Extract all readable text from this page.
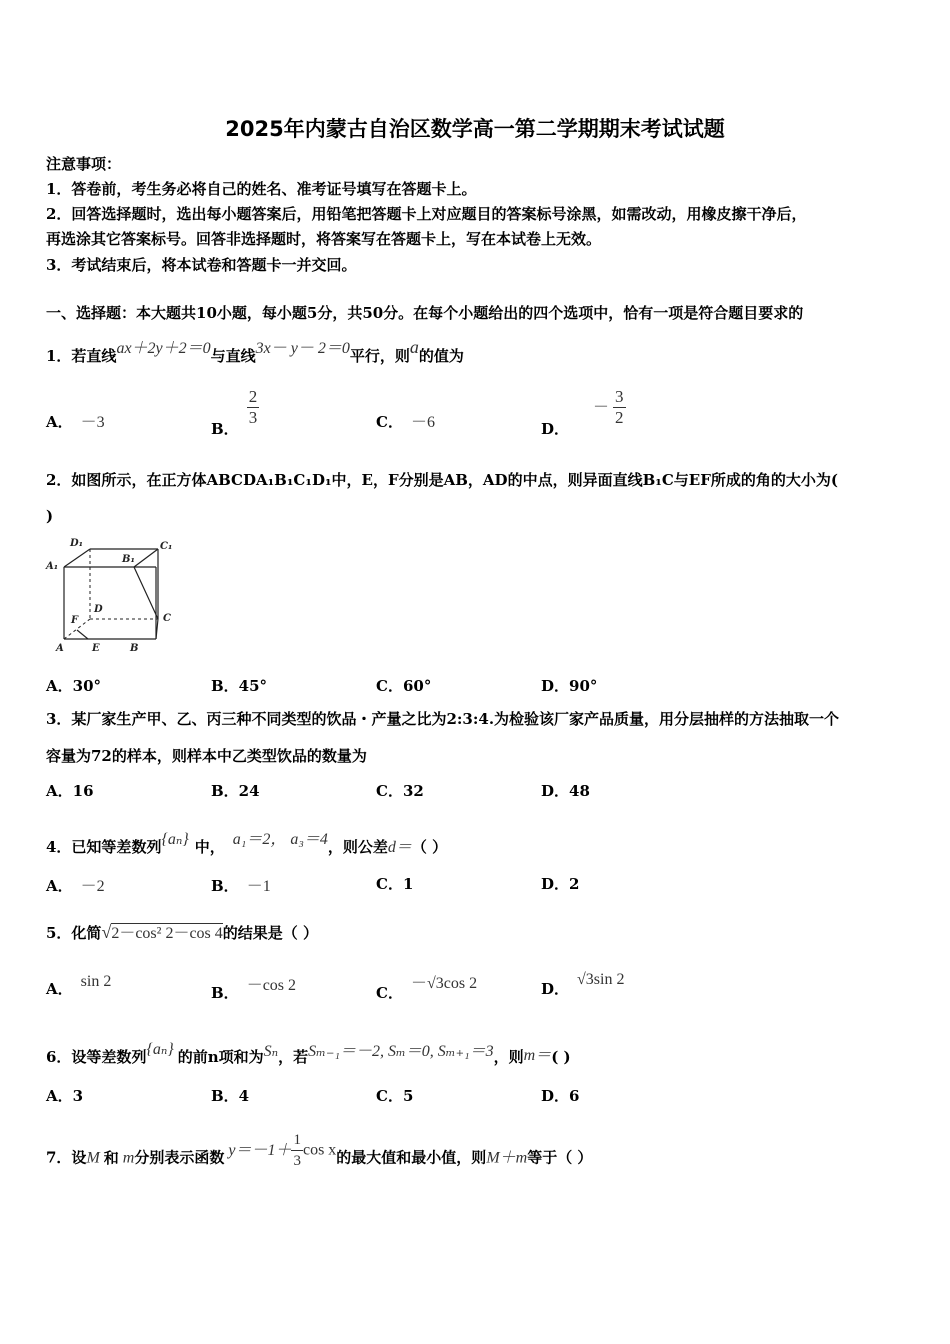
2025年内蒙古自治区数学高一第二学期期末考试试题
注意事项：
1．答卷前，考生务必将自己的姓名、准考证号填写在答题卡上。
2．回答选择题时，选出每小题答案后，用铅笔把答题卡上对应题目的答案标号涂黑，如需改动，用橡皮擦干净后，
再选涂其它答案标号。回答非选择题时，将答案写在答题卡上，写在本试卷上无效。
3．考试结束后，将本试卷和答题卡一并交回。
一、选择题：本大题共10小题，每小题5分，共50分。在每个小题给出的四个选项中，恰有一项是符合题目要求的
1．若直线ax＋2y＋2＝0与直线3x－ y－ 2＝0平行，则a的值为
A． －3	B．
$\frac{2}{3}$	C． －6	D．－ $\frac{3}{2}$
2．如图所示，在正方体ABCDA₁B₁C₁D₁中，E，F分别是AB，AD的中点，则异面直线B₁C与EF所成的角的大小为(
)
D₁	C₁
B₁
A₁
D
C
F
A	E	B
A．30°	B．45°	C．60°	D．90°
3．某厂家生产甲、乙、丙三种不同类型的饮品・产量之比为2:3:4.为检验该厂家产品质量，用分层抽样的方法抽取一个
容量为72的样本，则样本中乙类型饮品的数量为
A．16	B．24	C．32	D．48
4．已知等差数列{aₙ} 中， a₁＝2， a₃＝4，则公差d＝（ ）
A． －2	B． －1	C．1	D．2
5．化简√2－cos² 2－cos 4的结果是（ ）
A． sin 2
B． －cos 2	C．－√3cos 2	D．√3sin 2
6．设等差数列{aₙ} 的前n项和为Sₙ，若Sₘ₋₁＝－2, Sₘ＝0, Sₘ₊₁＝3，则m＝( )
A．3	B．4	C．5	D．6
7．设M 和 m分别表示函数 $y=-1+ \frac{1}{3}$ cos x的最大值和最小值，则M＋m等于（ ）
